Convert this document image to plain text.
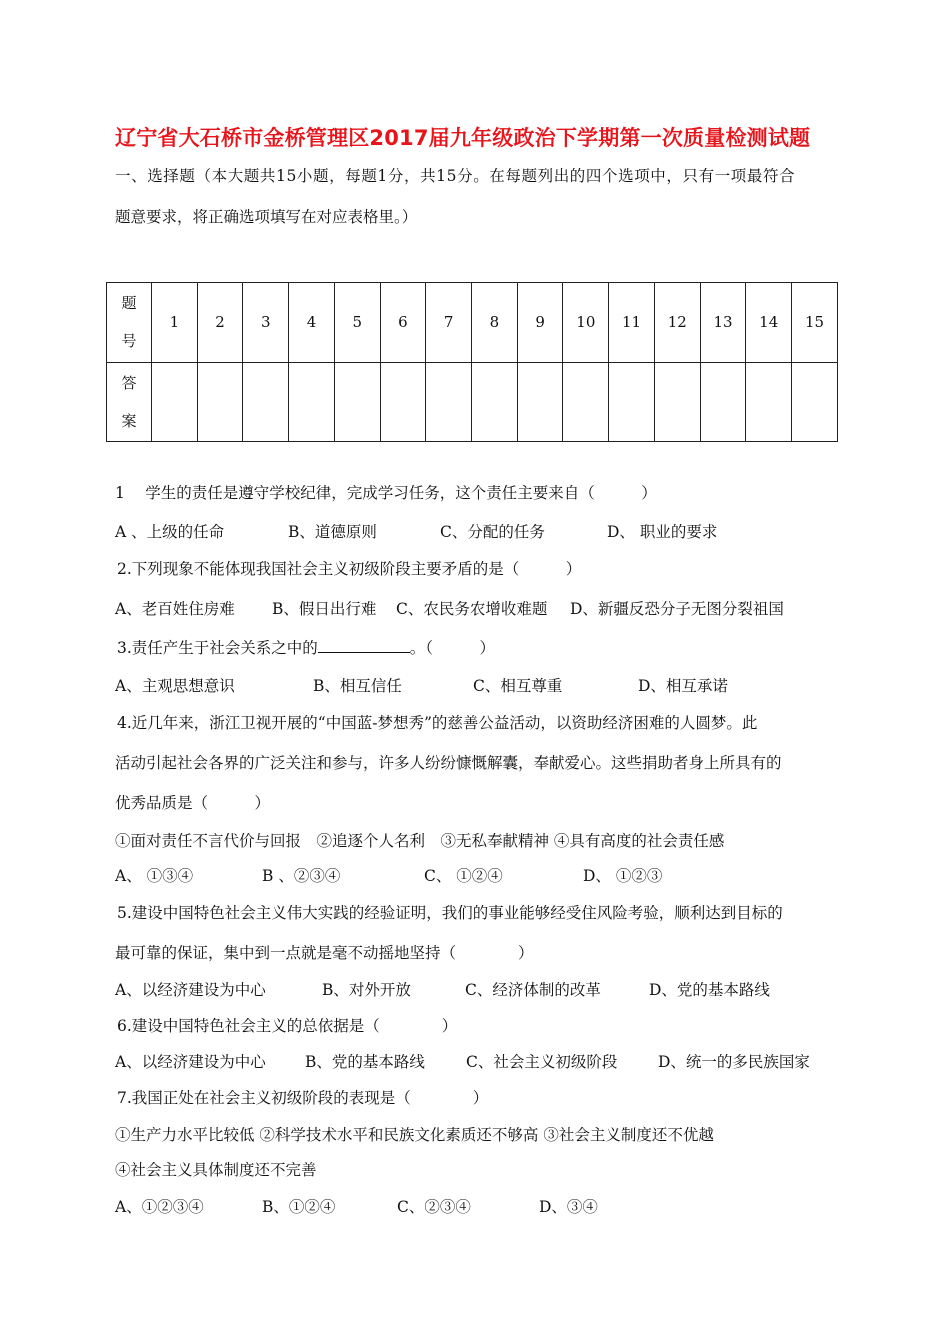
辽宁省大石桥市金桥管理区2017届九年级政治下学期第一次质量检测试题
一、选择题（本大题共15小题，每题1分，共15分。在每题列出的四个选项中，只有一项最符合
题意要求，将正确选项填写在对应表格里。）
题
号	1	2	3	4	5	6	7	8	9	10	11	12	13	14	15

答
案															

1　 学生的责任是遵守学校纪律，完成学习任务，这个责任主要来自（　　　）
A 、上级的任命	B、道德原则	C、分配的任务	D、 职业的要求
2.下列现象不能体现我国社会主义初级阶段主要矛盾的是（　　　）
A、老百姓住房难 B、假日出行难 C、农民务农增收难题 D、新疆反恐分子无图分裂祖国
3.责任产生于社会关系之中的	。（　　　）
A、主观思想意识	B、相互信任	C、相互尊重	D、相互承诺
4.近几年来，浙江卫视开展的“中国蓝-梦想秀”的慈善公益活动，以资助经济困难的人圆梦。此
活动引起社会各界的广泛关注和参与，许多人纷纷慷慨解囊，奉献爱心。这些捐助者身上所具有的
优秀品质是（　　　）
①面对责任不言代价与回报　②追逐个人名利　③无私奉献精神 ④具有高度的社会责任感
A、 ①③④	B 、②③④	C、 ①②④	D、 ①②③
5.建设中国特色社会主义伟大实践的经验证明，我们的事业能够经受住风险考验，顺利达到目标的
最可靠的保证，集中到一点就是毫不动摇地坚持（　　　　）
A、以经济建设为中心	B、对外开放	C、经济体制的改革	D、党的基本路线
6.建设中国特色社会主义的总依据是（　　　　）
A、以经济建设为中心	B、党的基本路线	C、社会主义初级阶段	D、统一的多民族国家
7.我国正处在社会主义初级阶段的表现是（　　　　）
①生产力水平比较低 ②科学技术水平和民族文化素质还不够高 ③社会主义制度还不优越
④社会主义具体制度还不完善
A、①②③④	B、①②④	C、②③④	D、③④
